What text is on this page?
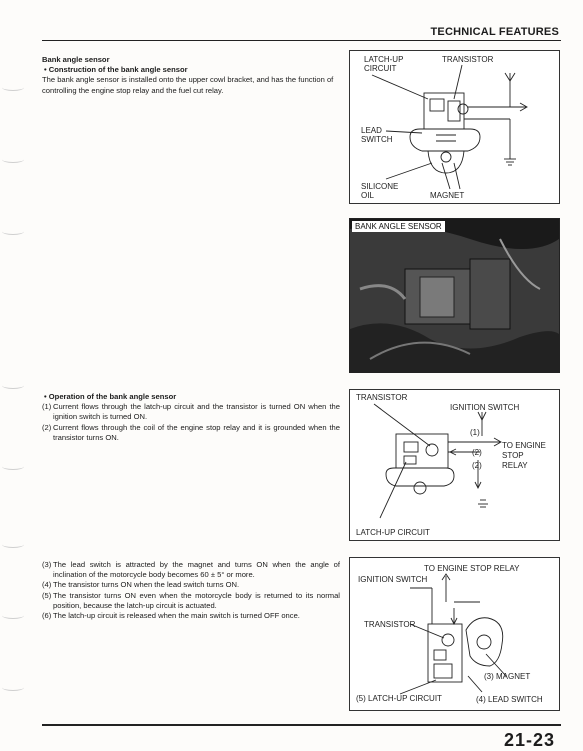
TECHNICAL FEATURES
Bank angle sensor
• Construction of the bank angle sensor

The bank angle sensor is installed onto the upper cowl bracket, and has the function of controlling the engine stop relay and the fuel cut relay.

• Operation of the bank angle sensor
(1) Current flows through the latch-up circuit and the transistor is turned ON when the ignition switch is turned ON.
(2) Current flows through the coil of the engine stop relay and it is grounded when the transistor turns ON.
(3) The lead switch is attracted by the magnet and turns ON when the angle of inclination of the motorcycle body becomes 60 ± 5° or more.
(4) The transistor turns ON when the lead switch turns ON.
(5) The transistor turns ON even when the motorcycle body is returned to its normal position, because the latch-up circuit is actuated.
(6) The latch-up circuit is released when the main switch is turned OFF once.
LATCH-UP
CIRCUIT
TRANSISTOR
LEAD
SWITCH
SILICONE
OIL	MAGNET
BANK ANGLE SENSOR
TRANSISTOR
IGNITION SWITCH
(1)
(2)
(2)
TO ENGINE
STOP
RELAY
LATCH-UP CIRCUIT
TO ENGINE STOP RELAY
IGNITION SWITCH
TRANSISTOR
(3) MAGNET
(5) LATCH-UP CIRCUIT	(4) LEAD SWITCH
21-23
